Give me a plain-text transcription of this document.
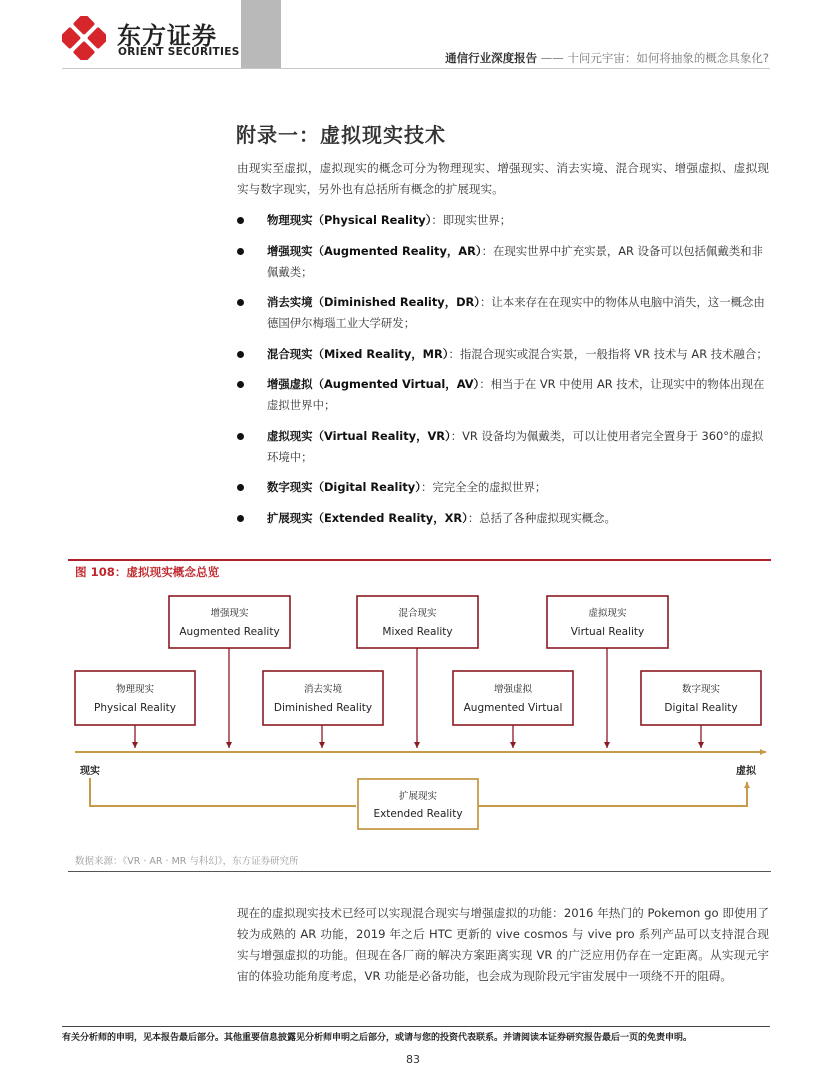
东方证券
ORIENT SECURITIES	通信行业深度报告 —— 十问元宇宙：如何将抽象的概念具象化?
附录一：虚拟现实技术
由现实至虚拟，虚拟现实的概念可分为物理现实、增强现实、消去实境、混合现实、增强虚拟、虚拟现实与数字现实，另外也有总括所有概念的扩展现实。
物理现实（Physical Reality）：即现实世界；
增强现实（Augmented Reality，AR）：在现实世界中扩充实景，AR 设备可以包括佩戴类和非佩戴类；
消去实境（Diminished Reality，DR）：让本来存在在现实中的物体从电脑中消失，这一概念由德国伊尔梅瑙工业大学研发；
混合现实（Mixed Reality，MR）：指混合现实或混合实景，一般指将 VR 技术与 AR 技术融合；
增强虚拟（Augmented Virtual，AV）：相当于在 VR 中使用 AR 技术，让现实中的物体出现在虚拟世界中；
虚拟现实（Virtual Reality，VR）：VR 设备均为佩戴类，可以让使用者完全置身于 360°的虚拟环境中；
数字现实（Digital Reality）：完完全全的虚拟世界；
扩展现实（Extended Reality，XR）：总括了各种虚拟现实概念。
图 108：虚拟现实概念总览
现实	虚拟
增强现实
Augmented Reality
混合现实
Mixed Reality
虚拟现实
Virtual Reality
物理现实
Physical Reality
消去实境
Diminished Reality
增强虚拟
Augmented Virtual
数字现实
Digital Reality
扩展现实
Extended Reality
数据来源：《VR · AR · MR 与科幻》，东方证券研究所
现在的虚拟现实技术已经可以实现混合现实与增强虚拟的功能：2016 年热门的 Pokemon go 即使用了较为成熟的 AR 功能，2019 年之后 HTC 更新的 vive cosmos 与 vive pro 系列产品可以支持混合现实与增强虚拟的功能。但现在各厂商的解决方案距离实现 VR 的广泛应用仍存在一定距离。从实现元宇宙的体验功能角度考虑，VR 功能是必备功能，也会成为现阶段元宇宙发展中一项绕不开的阻碍。
有关分析师的申明，见本报告最后部分。其他重要信息披露见分析师申明之后部分，或请与您的投资代表联系。并请阅读本证券研究报告最后一页的免责申明。
83
